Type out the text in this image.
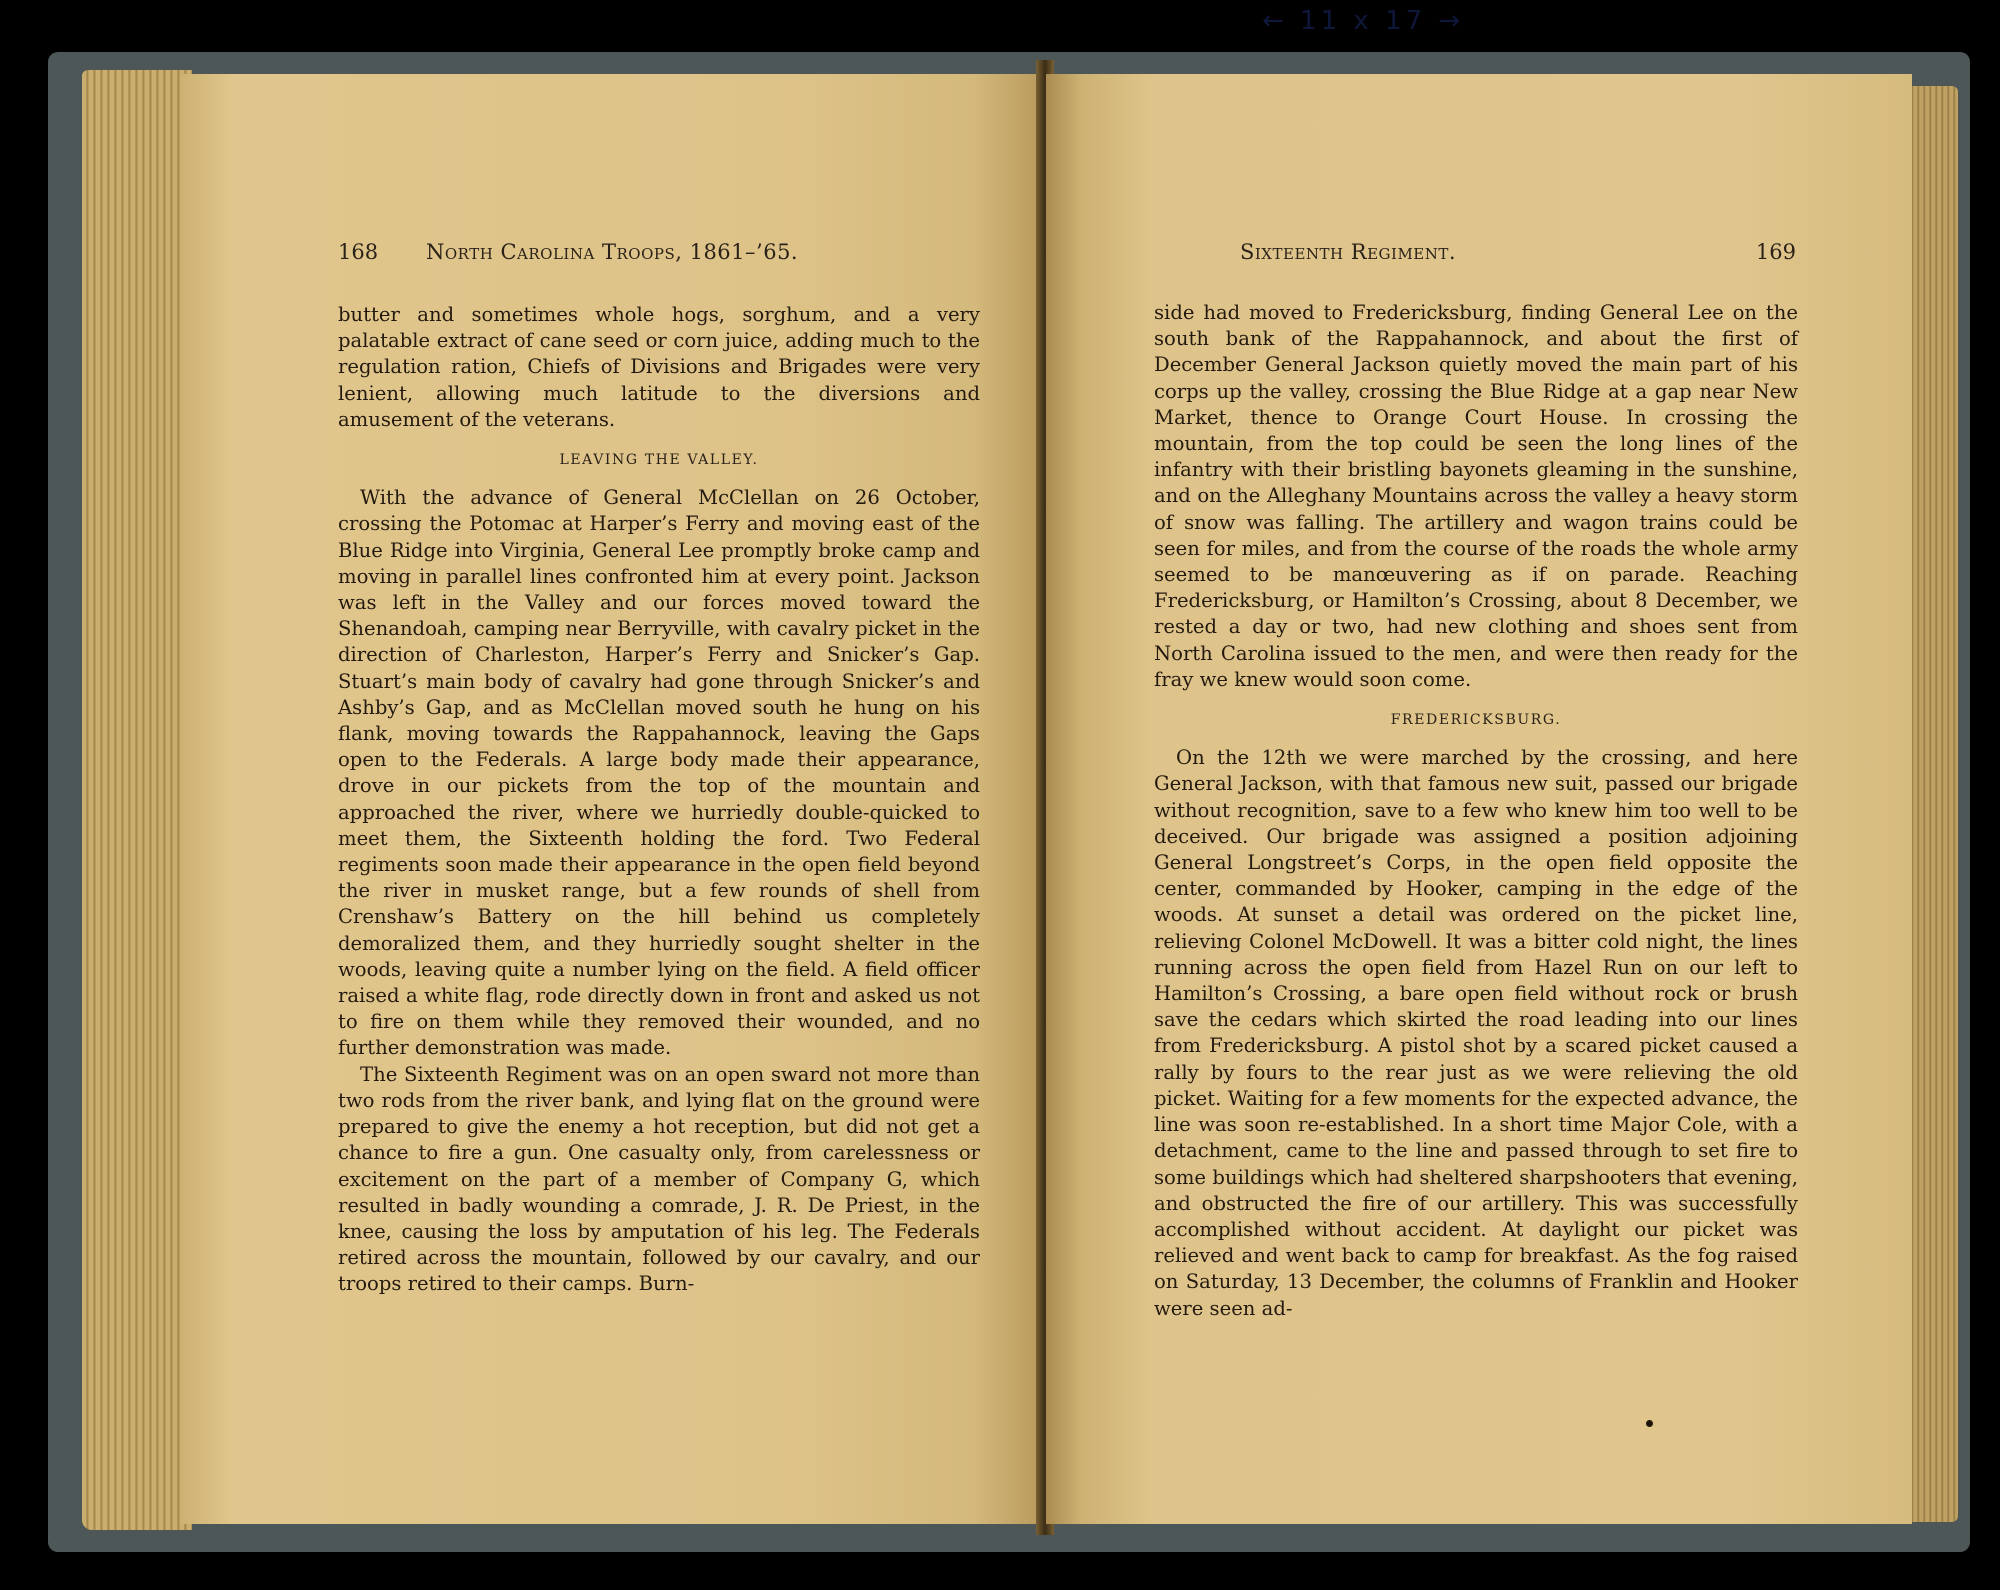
← 11 x 17 →
168 North Carolina Troops, 1861–’65.

butter and sometimes whole hogs, sorghum, and a very palatable extract of cane seed or corn juice, adding much to the regulation ration, Chiefs of Divisions and Brigades were very lenient, allowing much latitude to the diversions and amusement of the veterans.

LEAVING THE VALLEY.

With the advance of General McClellan on 26 October, crossing the Potomac at Harper’s Ferry and moving east of the Blue Ridge into Virginia, General Lee promptly broke camp and moving in parallel lines confronted him at every point. Jackson was left in the Valley and our forces moved toward the Shenandoah, camping near Berryville, with cavalry picket in the direction of Charleston, Harper’s Ferry and Snicker’s Gap. Stuart’s main body of cavalry had gone through Snicker’s and Ashby’s Gap, and as McClellan moved south he hung on his flank, moving towards the Rappahannock, leaving the Gaps open to the Federals. A large body made their appearance, drove in our pickets from the top of the mountain and approached the river, where we hurriedly double-quicked to meet them, the Sixteenth holding the ford. Two Federal regiments soon made their appearance in the open field beyond the river in musket range, but a few rounds of shell from Crenshaw’s Battery on the hill behind us completely demoralized them, and they hurriedly sought shelter in the woods, leaving quite a number lying on the field. A field officer raised a white flag, rode directly down in front and asked us not to fire on them while they removed their wounded, and no further demonstration was made.

The Sixteenth Regiment was on an open sward not more than two rods from the river bank, and lying flat on the ground were prepared to give the enemy a hot reception, but did not get a chance to fire a gun. One casualty only, from carelessness or excitement on the part of a member of Company G, which resulted in badly wounding a comrade, J. R. De Priest, in the knee, causing the loss by amputation of his leg. The Federals retired across the mountain, followed by our cavalry, and our troops retired to their camps. Burn-

Sixteenth Regiment.	169

side had moved to Fredericksburg, finding General Lee on the south bank of the Rappahannock, and about the first of December General Jackson quietly moved the main part of his corps up the valley, crossing the Blue Ridge at a gap near New Market, thence to Orange Court House. In crossing the mountain, from the top could be seen the long lines of the infantry with their bristling bayonets gleaming in the sunshine, and on the Alleghany Mountains across the valley a heavy storm of snow was falling. The artillery and wagon trains could be seen for miles, and from the course of the roads the whole army seemed to be manœuvering as if on parade. Reaching Fredericksburg, or Hamilton’s Crossing, about 8 December, we rested a day or two, had new clothing and shoes sent from North Carolina issued to the men, and were then ready for the fray we knew would soon come.

FREDERICKSBURG.

On the 12th we were marched by the crossing, and here General Jackson, with that famous new suit, passed our brigade without recognition, save to a few who knew him too well to be deceived. Our brigade was assigned a position adjoining General Longstreet’s Corps, in the open field opposite the center, commanded by Hooker, camping in the edge of the woods. At sunset a detail was ordered on the picket line, relieving Colonel McDowell. It was a bitter cold night, the lines running across the open field from Hazel Run on our left to Hamilton’s Crossing, a bare open field without rock or brush save the cedars which skirted the road leading into our lines from Fredericksburg. A pistol shot by a scared picket caused a rally by fours to the rear just as we were relieving the old picket. Waiting for a few moments for the expected advance, the line was soon re-established. In a short time Major Cole, with a detachment, came to the line and passed through to set fire to some buildings which had sheltered sharpshooters that evening, and obstructed the fire of our artillery. This was successfully accomplished without accident. At daylight our picket was relieved and went back to camp for breakfast. As the fog raised on Saturday, 13 December, the columns of Franklin and Hooker were seen ad-
